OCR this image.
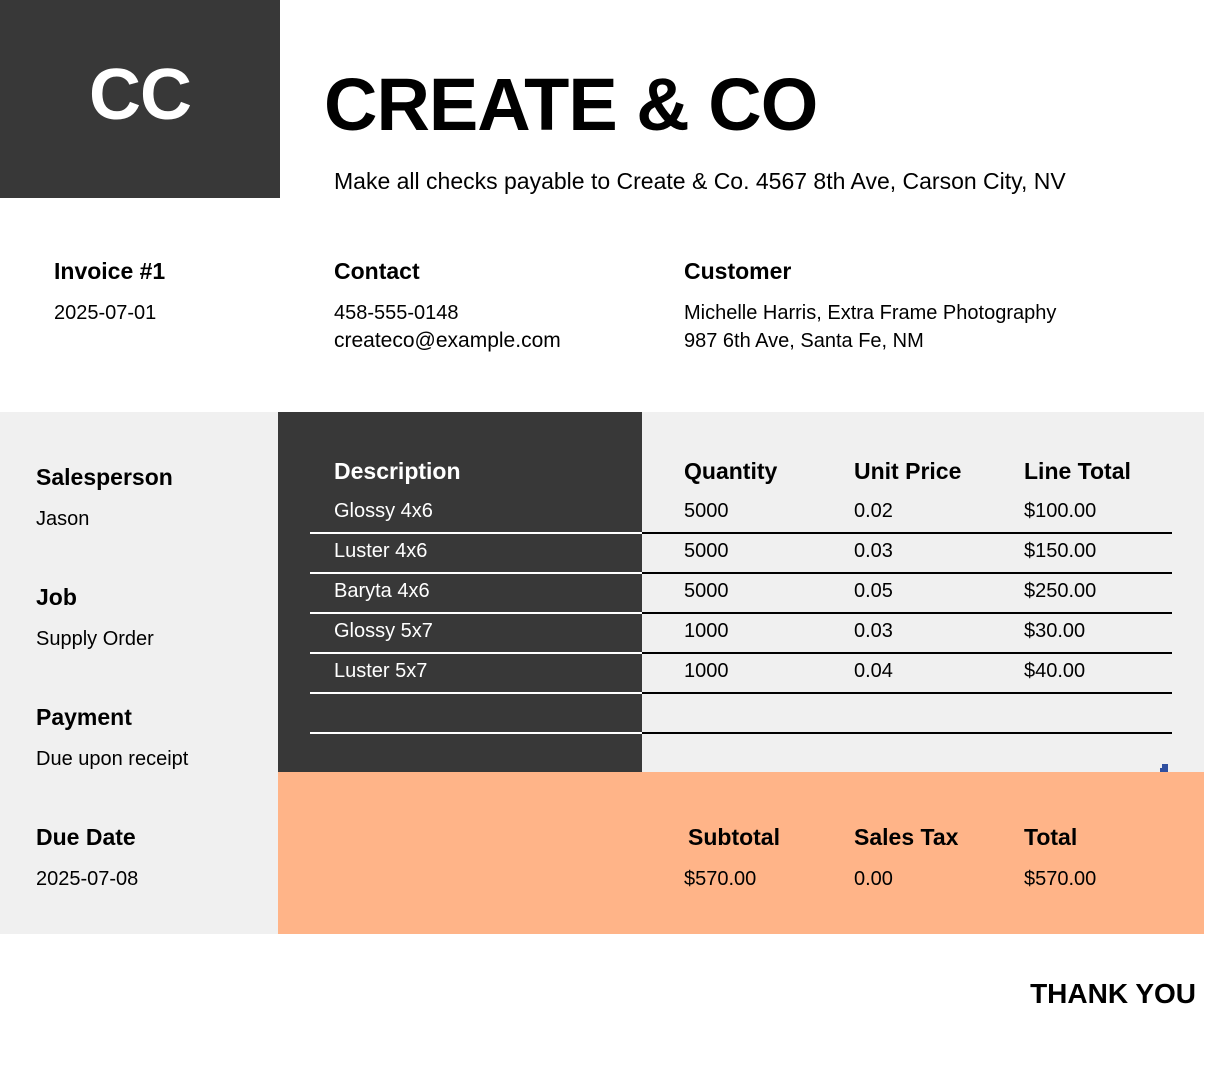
CC	CREATE & CO
Make all checks payable to Create & Co. 4567 8th Ave, Carson City, NV
Invoice #1
2025-07-01
Contact
458-555-0148
createco@example.com
Customer
Michelle Harris, Extra Frame Photography
987 6th Ave, Santa Fe, NM
Salesperson
Jason
Job
Supply Order
Payment
Due upon receipt
Due Date
2025-07-08
Description	Quantity	Unit Price	Line Total
Glossy 4x6	5000	0.02	$100.00
Luster 4x6	5000	0.03	$150.00
Baryta 4x6	5000	0.05	$250.00
Glossy 5x7	1000	0.03	$30.00
Luster 5x7	1000	0.04	$40.00
Subtotal
$570.00
Sales Tax
0.00
Total
$570.00
THANK YOU
